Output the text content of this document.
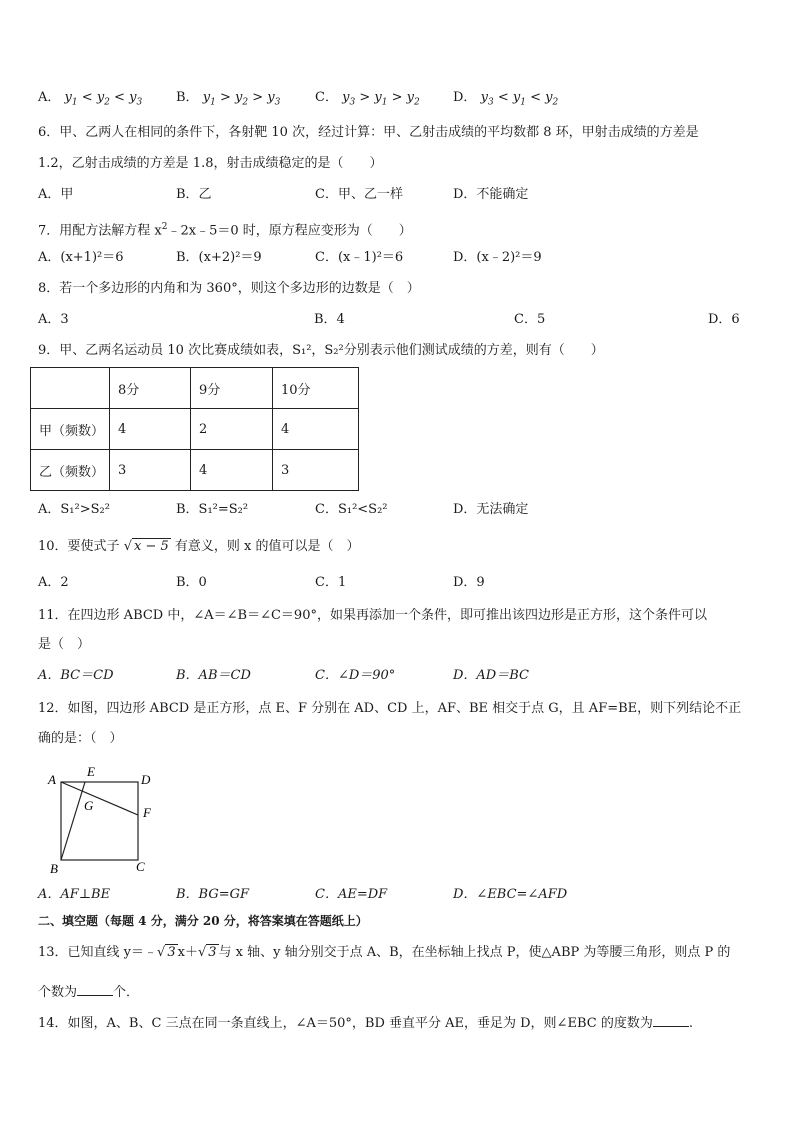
A． $y_1 < y_2 < y_3$	B． $y_1 > y_2 > y_3$	C． $y_3 > y_1 > y_2$	D． $y_3 < y_1 < y_2$
6．甲、乙两人在相同的条件下，各射靶 10 次，经过计算：甲、乙射击成绩的平均数都 8 环，甲射击成绩的方差是
1.2，乙射击成绩的方差是 1.8，射击成绩稳定的是（　　）
A．甲	B．乙	C．甲、乙一样	D．不能确定
7．用配方法解方程 $x^2﹣2x﹣5=0$ 时，原方程应变形为（　　）
A．(x+1)²＝6	B．(x+2)²＝9	C．(x﹣1)²＝6	D．(x﹣2)²＝9
8．若一个多边形的内角和为 360°，则这个多边形的边数是（　）
A．3	B．4	C．5	D．6
9．甲、乙两名运动员 10 次比赛成绩如表，S₁²，S₂²分别表示他们测试成绩的方差，则有（　　）
	8分	9分	10分
甲（频数）	4	2	4
乙（频数）	3	4	3
A．S₁²>S₂²	B．S₁²=S₂²	C．S₁²<S₂²	D．无法确定
10．要使式子 √ x − 5 有意义，则 x 的值可以是（　）
A．2	B．0	C．1	D．9
11．在四边形 ABCD 中，∠A＝∠B＝∠C＝90°，如果再添加一个条件，即可推出该四边形是正方形，这个条件可以
是（　）
A．BC＝CD	B．AB＝CD	C．∠D＝90°	D．AD＝BC
12．如图，四边形 ABCD 是正方形，点 E、F 分别在 AD、CD 上，AF、BE 相交于点 G，且 AF=BE，则下列结论不正
确的是：（　）
A
E
D
G	F
B	C
A．AF⊥BE	B．BG=GF	C．AE=DF	D．∠EBC=∠AFD
二、填空题（每题 4 分，满分 20 分，将答案填在答题纸上）
13．已知直线 y＝﹣√ 3 x＋√ 3 与 x 轴、y 轴分别交于点 A、B，在坐标轴上找点 P，使△ABP 为等腰三角形，则点 P 的
个数为	个．
14．如图，A、B、C 三点在同一条直线上，∠A＝50°，BD 垂直平分 AE，垂足为 D，则∠EBC 的度数为	.
